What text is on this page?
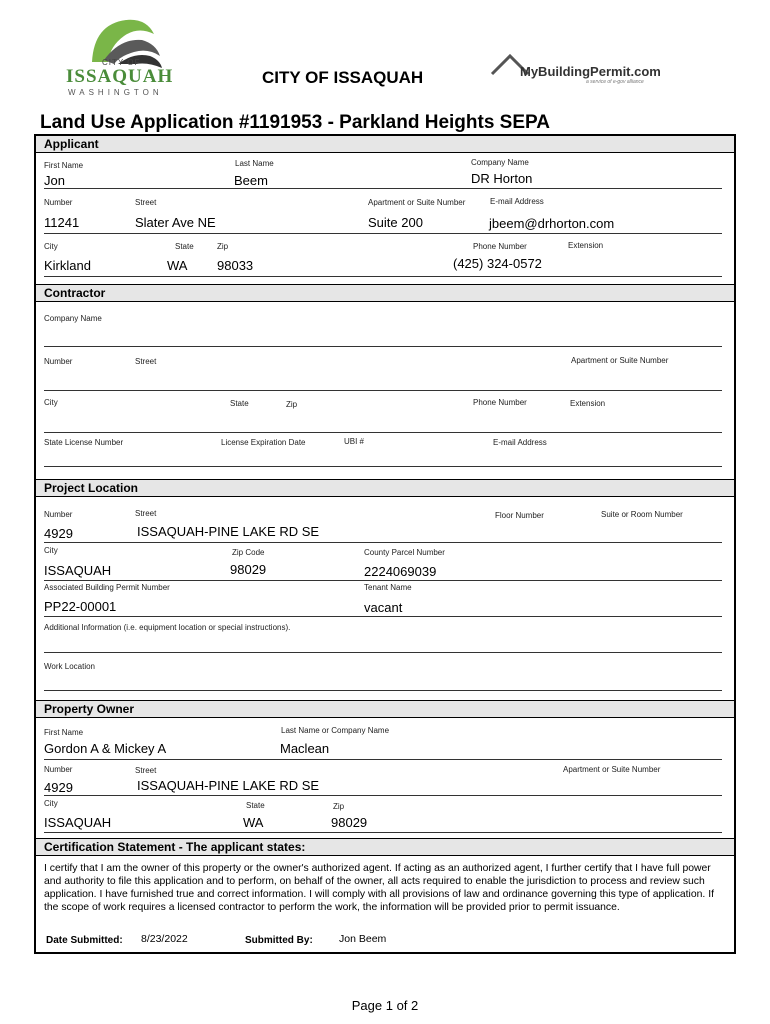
CITY OF
ISSAQUAH
WASHINGTON
CITY OF ISSAQUAH	MyBuildingPermit.com
a service of e-gov alliance
Land Use Application #1191953 - Parkland Heights SEPA
Applicant
First Name	Last Name	Company Name
Jon	Beem	DR Horton
Number	Street	Apartment or Suite Number	E-mail Address
11241	Slater Ave NE	Suite 200	jbeem@drhorton.com
City	State	Zip	Phone Number	Extension
Kirkland	WA 98033	(425) 324-0572
Contractor
Company Name
Number	Street	Apartment or Suite Number
City	State	Zip	Phone Number	Extension
State License Number	License Expiration Date	UBI #	E-mail Address
Project Location
Number	Street	Floor Number	Suite or Room Number
4929	ISSAQUAH-PINE LAKE RD SE
City	Zip Code	County Parcel Number
ISSAQUAH	98029	2224069039
Associated Building Permit Number	Tenant Name
PP22-00001	vacant
Additional Information (i.e. equipment location or special instructions).
Work Location
Property Owner
First Name	Last Name or Company Name
Gordon A & Mickey A	Maclean
Number	Street	Apartment or Suite Number
4929	ISSAQUAH-PINE LAKE RD SE
City	State	Zip
ISSAQUAH	WA	98029
Certification Statement - The applicant states:
I certify that I am the owner of this property or the owner's authorized agent. If acting as an authorized agent, I further certify that I have full power and authority to file this application and to perform, on behalf of the owner, all acts required to enable the jurisdiction to process and review such application. I have furnished true and correct information. I will comply with all provisions of law and ordinance governing this type of application. If the scope of work requires a licensed contractor to perform the work, the information will be provided prior to permit issuance.
Date Submitted: 8/23/2022	Submitted By: Jon Beem
Page 1 of 2
